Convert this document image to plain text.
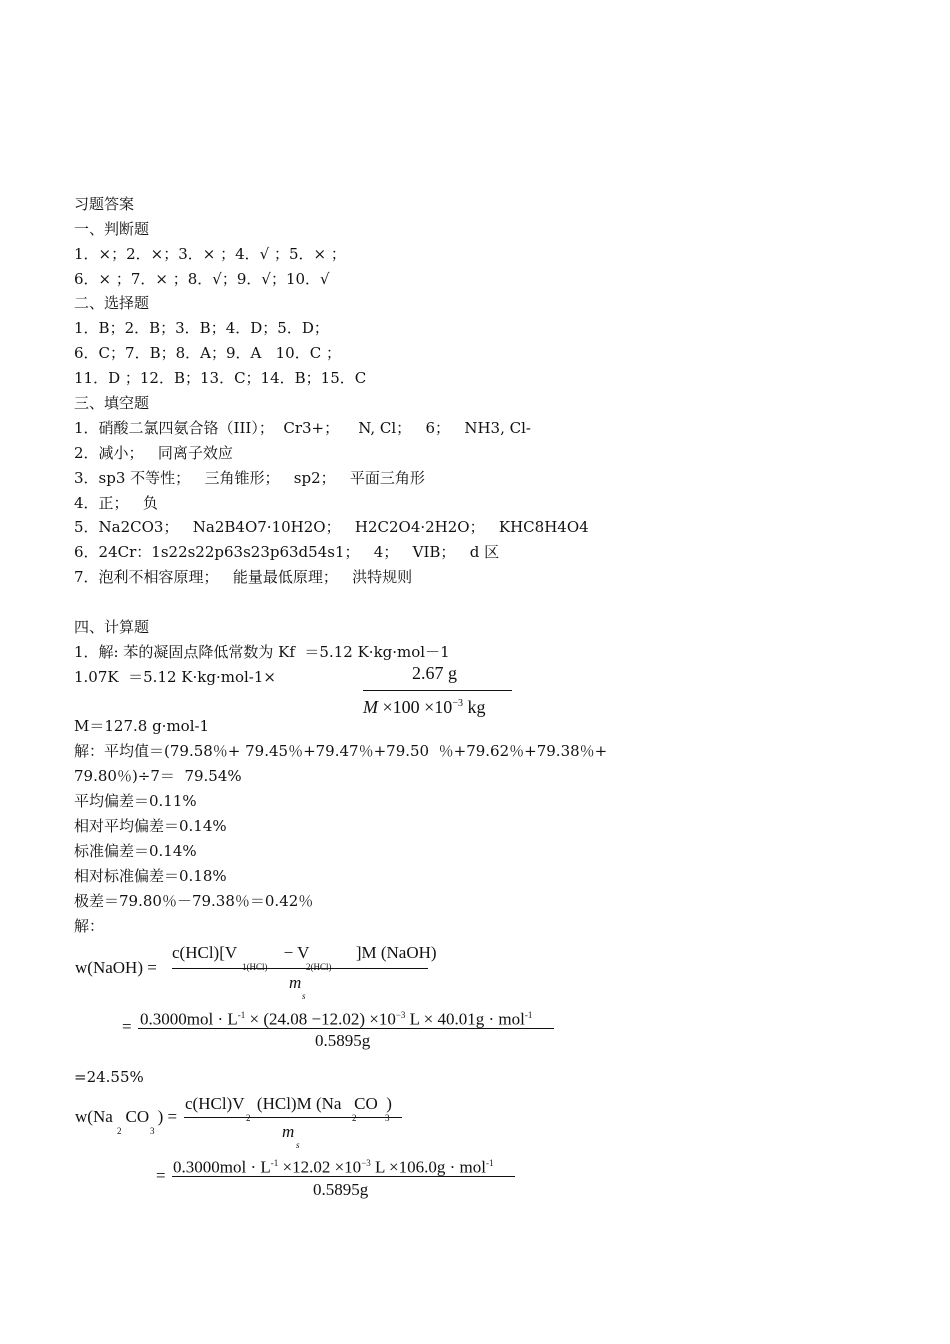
习题答案
一、判断题
1．×；2．×；3．× ；4．√ ；5．× ；
6．× ；7．× ；8．√；9．√；10．√
二、选择题
1．B；2．B；3．B；4．D；5．D；
6．C；7．B；8．A；9．A   10．C ；
11．D ；12．B；13．C；14．B；15．C
三、填空题
1．硝酸二氯四氨合铬（III）；  Cr3+；    N, Cl；   6；   NH3, Cl-
2．减小；   同离子效应
3．sp3 不等性；   三角锥形；   sp2；   平面三角形
4．正；   负
5．Na2CO3；   Na2B4O7·10H2O；   H2C2O4·2H2O；   KHC8H4O4
6．24Cr：1s22s22p63s23p63d54s1；   4；   VIB；   d 区
7．泡利不相容原理；   能量最低原理；   洪特规则
四、计算题
1．解: 苯的凝固点降低常数为 Kf  ＝5.12 K·kg·mol－1
1.07K  ＝5.12 K·kg·mol-1×	2.67 g
$M \times 100 \times 10^{-3}$ kg
M＝127.8 g·mol-1
解：平均值＝(79.58％+ 79.45％+79.47％+79.50  ％+79.62％+79.38％+
79.80％)÷7＝  79.54%
平均偏差＝0.11%
相对平均偏差＝0.14%
标准偏差＝0.14%
相对标准偏差＝0.18%
极差＝79.80％－79.38％＝0.42％
解：
w(NaOH) =
c(HCl)[V           − V           ]M (NaOH)
1(HCl)	2(HCl)
m
s
= $0.3000mol \cdot L^{-1} \times (24.08 -12.02) \times 10^{-3}$ L × 40.01g · mol$^{-1}$
0.5895g
=24.55%
w(Na CO ) =
2	3
c(HCl)V   (HCl)M (Na   CO  )
2	2	3
m
s
= $0.3000mol \cdot L^{-1} \times 12.02 \times 10^{-3}$ L ×106.0g · mol$^{-1}$
0.5895g
